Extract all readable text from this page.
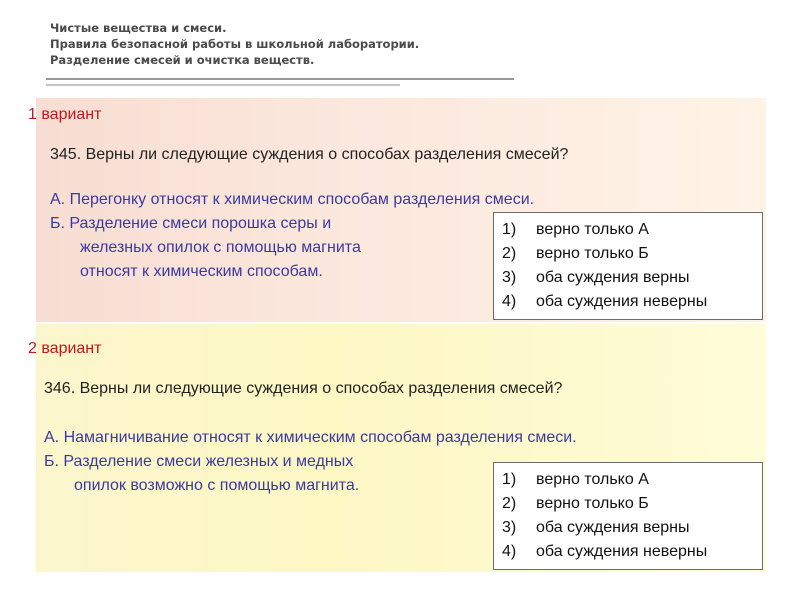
Чистые вещества и смеси.
Правила безопасной работы в школьной лаборатории.
Разделение смесей и очистка веществ.
1 вариант
345. Верны ли следующие суждения о способах разделения смесей?
А. Перегонку относят к химическим способам разделения смеси.
Б. Разделение смеси порошка серы и
железных опилок с помощью магнита
относят к химическим способам.
1) верно только А
2) верно только Б
3) оба суждения верны
4) оба суждения неверны
2 вариант
346. Верны ли следующие суждения о способах разделения смесей?
А. Намагничивание относят к химическим способам разделения смеси.
Б. Разделение смеси железных и медных
опилок возможно с помощью магнита.	1) верно только А
2) верно только Б
3) оба суждения верны
4) оба суждения неверны
